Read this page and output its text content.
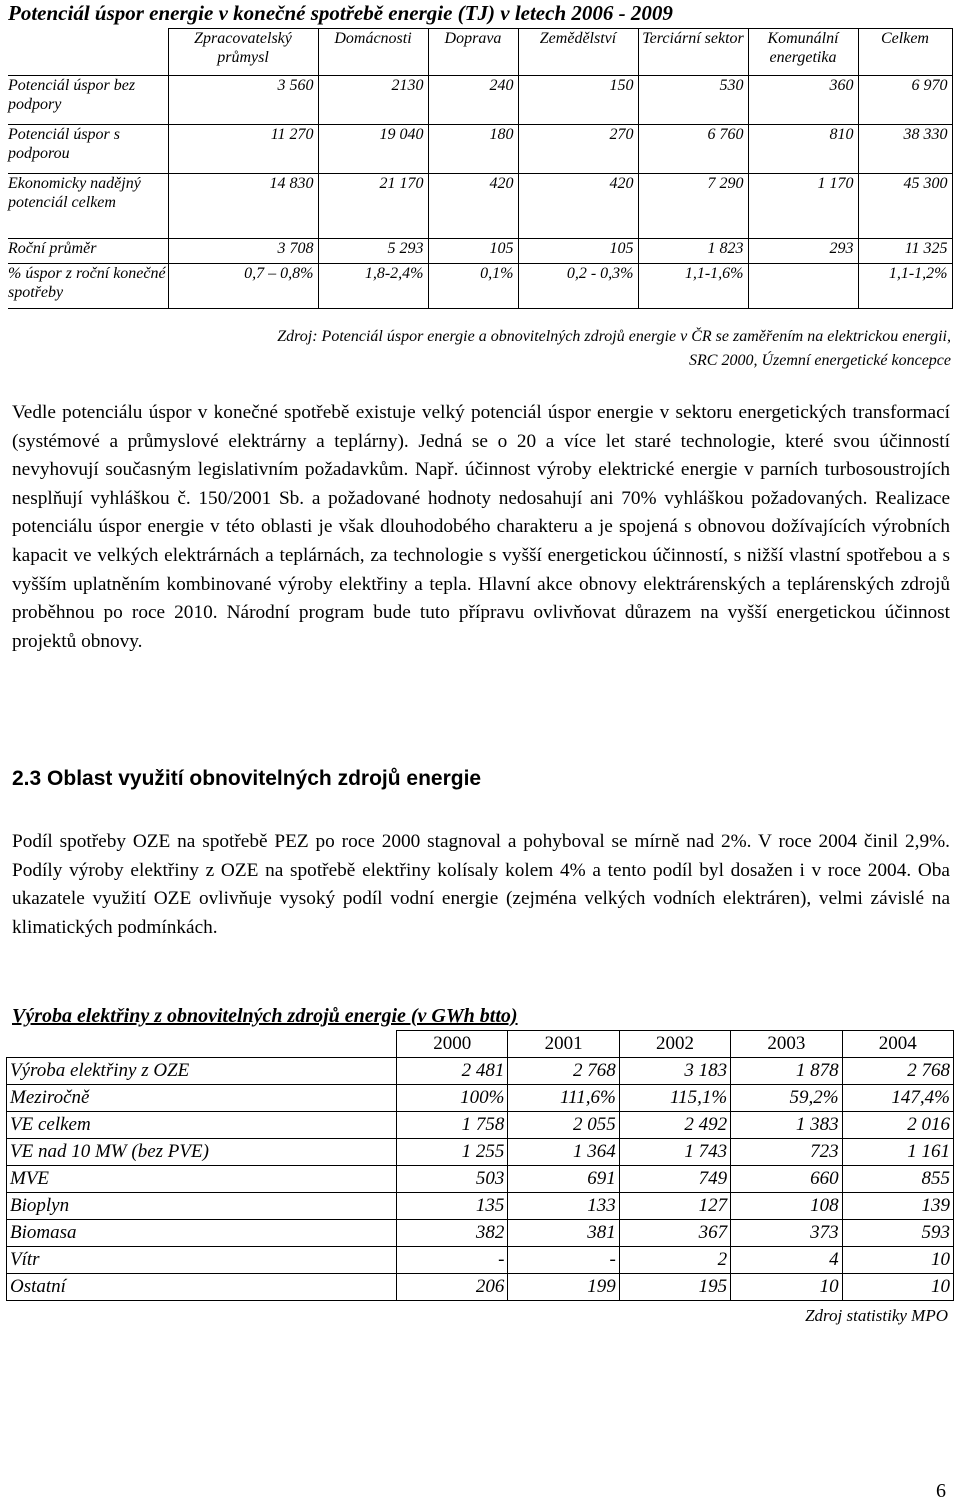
Potenciál úspor energie v konečné spotřebě energie (TJ) v letech 2006 - 2009
	Zpracovatelský průmysl	Domácnosti	Doprava	Zemědělství	Terciární sektor	Komunální energetika	Celkem
Potenciál úspor bez podpory	3 560	2130	240	150	530	360	6 970
Potenciál úspor s podporou	11 270	19 040	180	270	6 760	810	38 330
Ekonomicky nadějný potenciál celkem	14 830	21 170	420	420	7 290	1 170	45 300
Roční průměr	3 708	5 293	105	105	1 823	293	11 325
% úspor z roční konečné spotřeby	0,7 – 0,8%	1,8-2,4%	0,1%	0,2 - 0,3%	1,1-1,6%		1,1-1,2%
Zdroj: Potenciál úspor energie a obnovitelných zdrojů energie v ČR se zaměřením na elektrickou energii, SRC 2000, Územní energetické koncepce
Vedle potenciálu úspor v konečné spotřebě existuje velký potenciál úspor energie v sektoru energetických transformací (systémové a průmyslové elektrárny a teplárny). Jedná se o 20 a více let staré technologie, které svou účinností nevyhovují současným legislativním požadavkům. Např. účinnost výroby elektrické energie v parních turbosoustrojích nesplňují vyhláškou č. 150/2001 Sb. a požadované hodnoty nedosahují ani 70% vyhláškou požadovaných. Realizace potenciálu úspor energie v této oblasti je však dlouhodobého charakteru a je spojená s obnovou dožívajících výrobních kapacit ve velkých elektrárnách a teplárnách, za technologie s vyšší energetickou účinností, s nižší vlastní spotřebou a s vyšším uplatněním kombinované výroby elektřiny a tepla. Hlavní akce obnovy elektrárenských a teplárenských zdrojů proběhnou po roce 2010. Národní program bude tuto přípravu ovlivňovat důrazem na vyšší energetickou účinnost projektů obnovy.
2.3 Oblast využití obnovitelných zdrojů energie
Podíl spotřeby OZE na spotřebě PEZ po roce 2000 stagnoval a pohyboval se mírně nad 2%. V roce 2004 činil 2,9%. Podíly výroby elektřiny z OZE na spotřebě elektřiny kolísaly kolem 4% a tento podíl byl dosažen i v roce 2004. Oba ukazatele využití OZE ovlivňuje vysoký podíl vodní energie (zejména velkých vodních elektráren), velmi závislé na klimatických podmínkách.
Výroba elektřiny z obnovitelných zdrojů energie (v GWh btto)
	2000	2001	2002	2003	2004
Výroba elektřiny z OZE	2 481	2 768	3 183	1 878	2 768
Meziročně	100%	111,6%	115,1%	59,2%	147,4%
VE celkem	1 758	2 055	2 492	1 383	2 016
VE nad 10 MW (bez PVE)	1 255	1 364	1 743	723	1 161
MVE	503	691	749	660	855
Bioplyn	135	133	127	108	139
Biomasa	382	381	367	373	593
Vítr	-	-	2	4	10
Ostatní	206	199	195	10	10
Zdroj statistiky MPO
6
